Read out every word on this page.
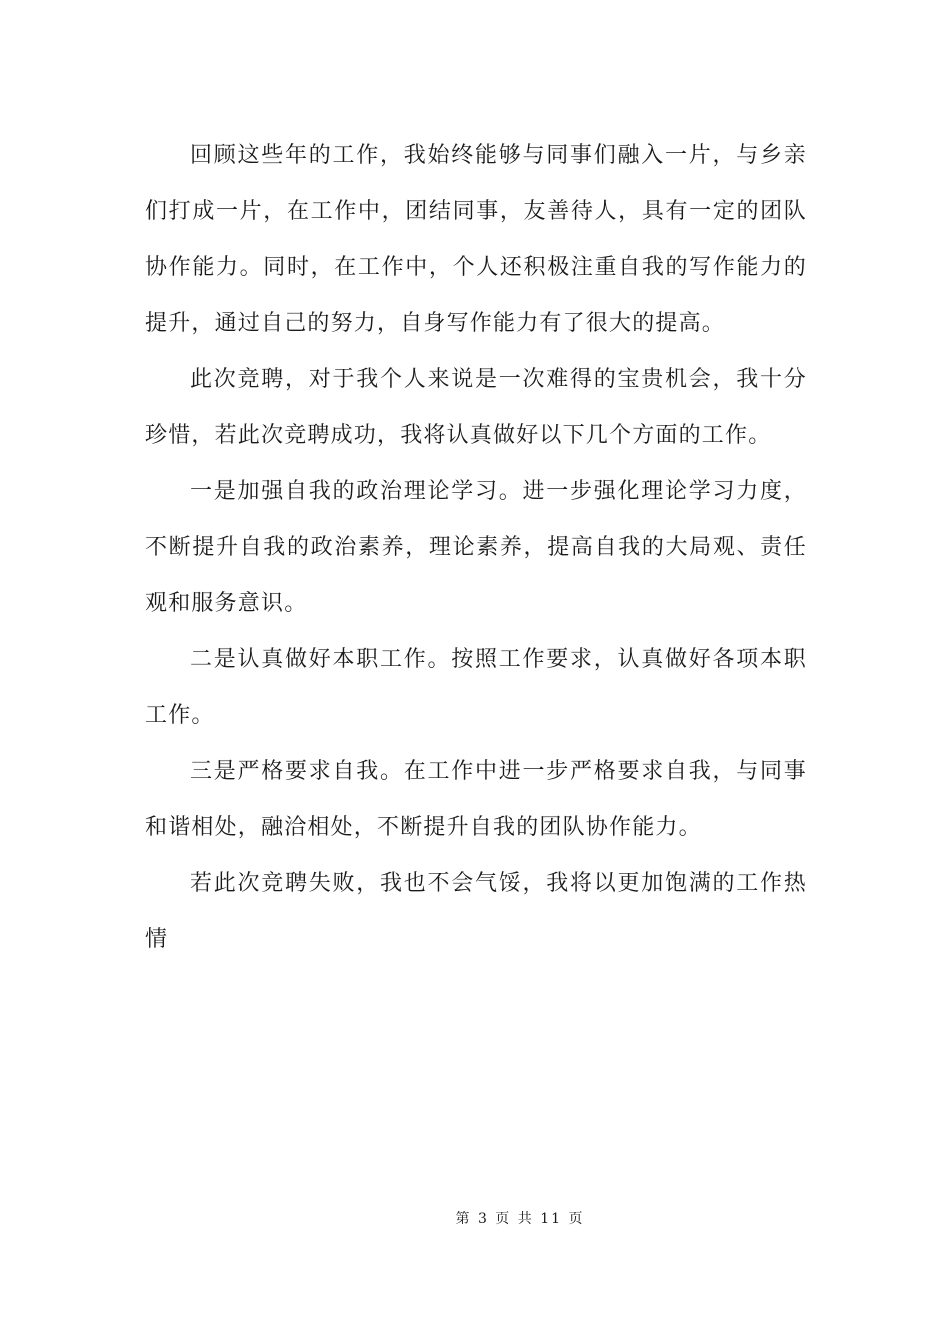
回顾这些年的工作，我始终能够与同事们融入一片，与乡亲们打成一片，在工作中，团结同事，友善待人，具有一定的团队协作能力。同时，在工作中，个人还积极注重自我的写作能力的提升，通过自己的努力，自身写作能力有了很大的提高。

此次竞聘，对于我个人来说是一次难得的宝贵机会，我十分珍惜，若此次竞聘成功，我将认真做好以下几个方面的工作。

一是加强自我的政治理论学习。进一步强化理论学习力度，不断提升自我的政治素养，理论素养，提高自我的大局观、责任观和服务意识。

二是认真做好本职工作。按照工作要求，认真做好各项本职工作。

三是严格要求自我。在工作中进一步严格要求自我，与同事和谐相处，融洽相处，不断提升自我的团队协作能力。

若此次竞聘失败，我也不会气馁，我将以更加饱满的工作热情

第 3 页 共 11 页
